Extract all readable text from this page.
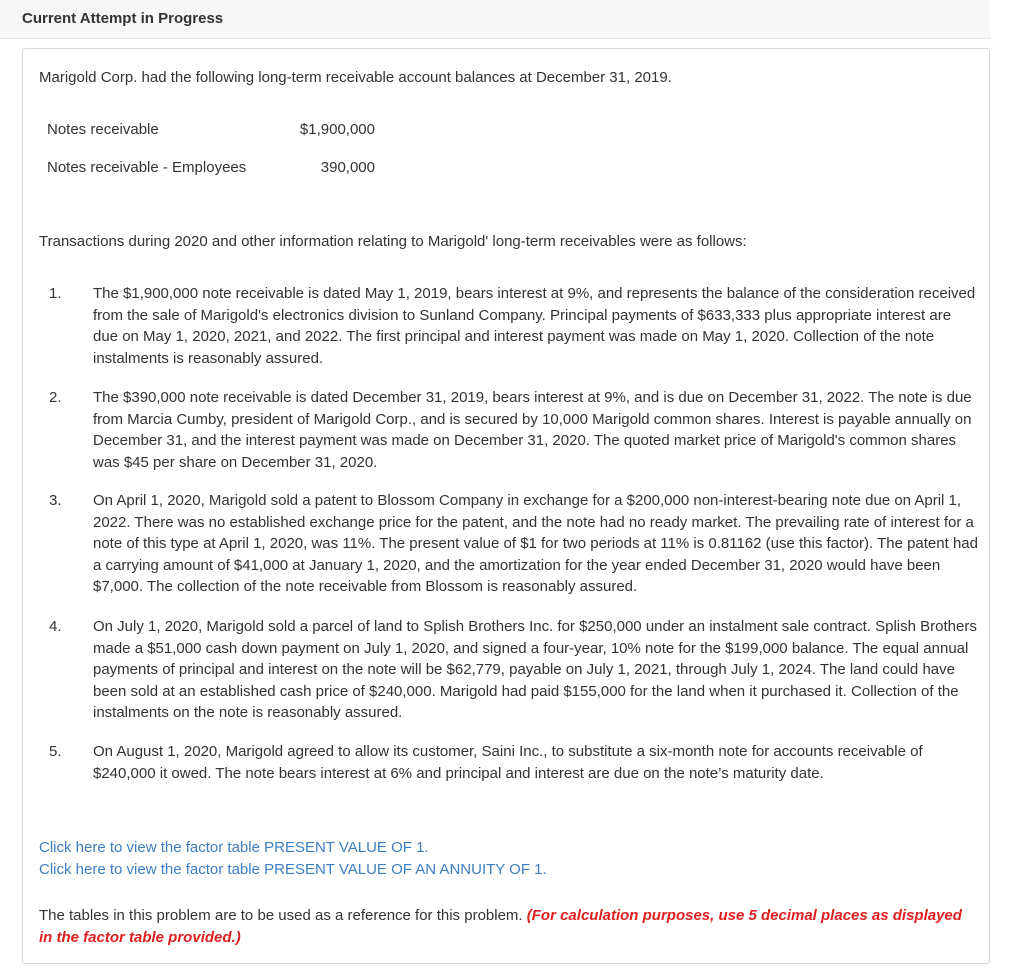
Current Attempt in Progress
Marigold Corp. had the following long-term receivable account balances at December 31, 2019.
Notes receivable	$1,900,000
Notes receivable - Employees	390,000
Transactions during 2020 and other information relating to Marigold' long-term receivables were as follows:
1. The $1,900,000 note receivable is dated May 1, 2019, bears interest at 9%, and represents the balance of the consideration received from the sale of Marigold's electronics division to Sunland Company. Principal payments of $633,333 plus appropriate interest are due on May 1, 2020, 2021, and 2022. The first principal and interest payment was made on May 1, 2020. Collection of the note instalments is reasonably assured.
2. The $390,000 note receivable is dated December 31, 2019, bears interest at 9%, and is due on December 31, 2022. The note is due from Marcia Cumby, president of Marigold Corp., and is secured by 10,000 Marigold common shares. Interest is payable annually on December 31, and the interest payment was made on December 31, 2020. The quoted market price of Marigold's common shares was $45 per share on December 31, 2020.
3. On April 1, 2020, Marigold sold a patent to Blossom Company in exchange for a $200,000 non-interest-bearing note due on April 1, 2022. There was no established exchange price for the patent, and the note had no ready market. The prevailing rate of interest for a note of this type at April 1, 2020, was 11%. The present value of $1 for two periods at 11% is 0.81162 (use this factor). The patent had a carrying amount of $41,000 at January 1, 2020, and the amortization for the year ended December 31, 2020 would have been $7,000. The collection of the note receivable from Blossom is reasonably assured.
4. On July 1, 2020, Marigold sold a parcel of land to Splish Brothers Inc. for $250,000 under an instalment sale contract. Splish Brothers made a $51,000 cash down payment on July 1, 2020, and signed a four-year, 10% note for the $199,000 balance. The equal annual payments of principal and interest on the note will be $62,779, payable on July 1, 2021, through July 1, 2024. The land could have been sold at an established cash price of $240,000. Marigold had paid $155,000 for the land when it purchased it. Collection of the instalments on the note is reasonably assured.
5. On August 1, 2020, Marigold agreed to allow its customer, Saini Inc., to substitute a six-month note for accounts receivable of $240,000 it owed. The note bears interest at 6% and principal and interest are due on the note’s maturity date.
Click here to view the factor table PRESENT VALUE OF 1.
Click here to view the factor table PRESENT VALUE OF AN ANNUITY OF 1.
The tables in this problem are to be used as a reference for this problem. (For calculation purposes, use 5 decimal places as displayed in the factor table provided.)
